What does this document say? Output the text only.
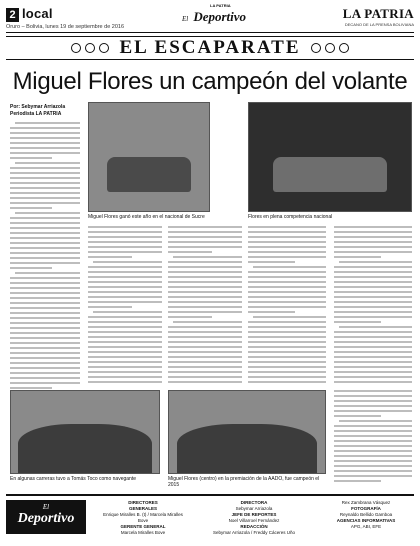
2 local
Oruro – Bolivia, lunes 19 de septiembre de 2016
LA PATRIA
El Deportivo	LA PATRIA
DECANO DE LA PRENSA BOLIVIANA
EL ESCAPARATE
Miguel Flores un campeón del volante
Por: Sebymar Arriazola
Periodista LA PATRIA
Miguel Flores ganó este año en el nacional de Sucre	Flores en plena competencia nacional
En algunas carreras tuvo a Tomás Toco como navegante	Miguel Flores (centro) en la premiación de la AADO, fue campeón el 2015
El
Deportivo
DIRECTORES
GENERALES
Enrique Miralles B. (t) / Marcela Miralles Bove
GERENTE GENERAL
Marcela Miralles Bove
DIRECTORA
Sebymar Arriazola
JEFE DE REPORTES
Noel Villarroel Fernández
REDACCIÓN
Sebymar Arriazola / Freddy Cáceres Uño
Rex Zambrana Vásquez
FOTOGRAFÍA
Reynaldo Bellido Gamboa
AGENCIAS INFORMATIVAS
APG, ABI, EFE
